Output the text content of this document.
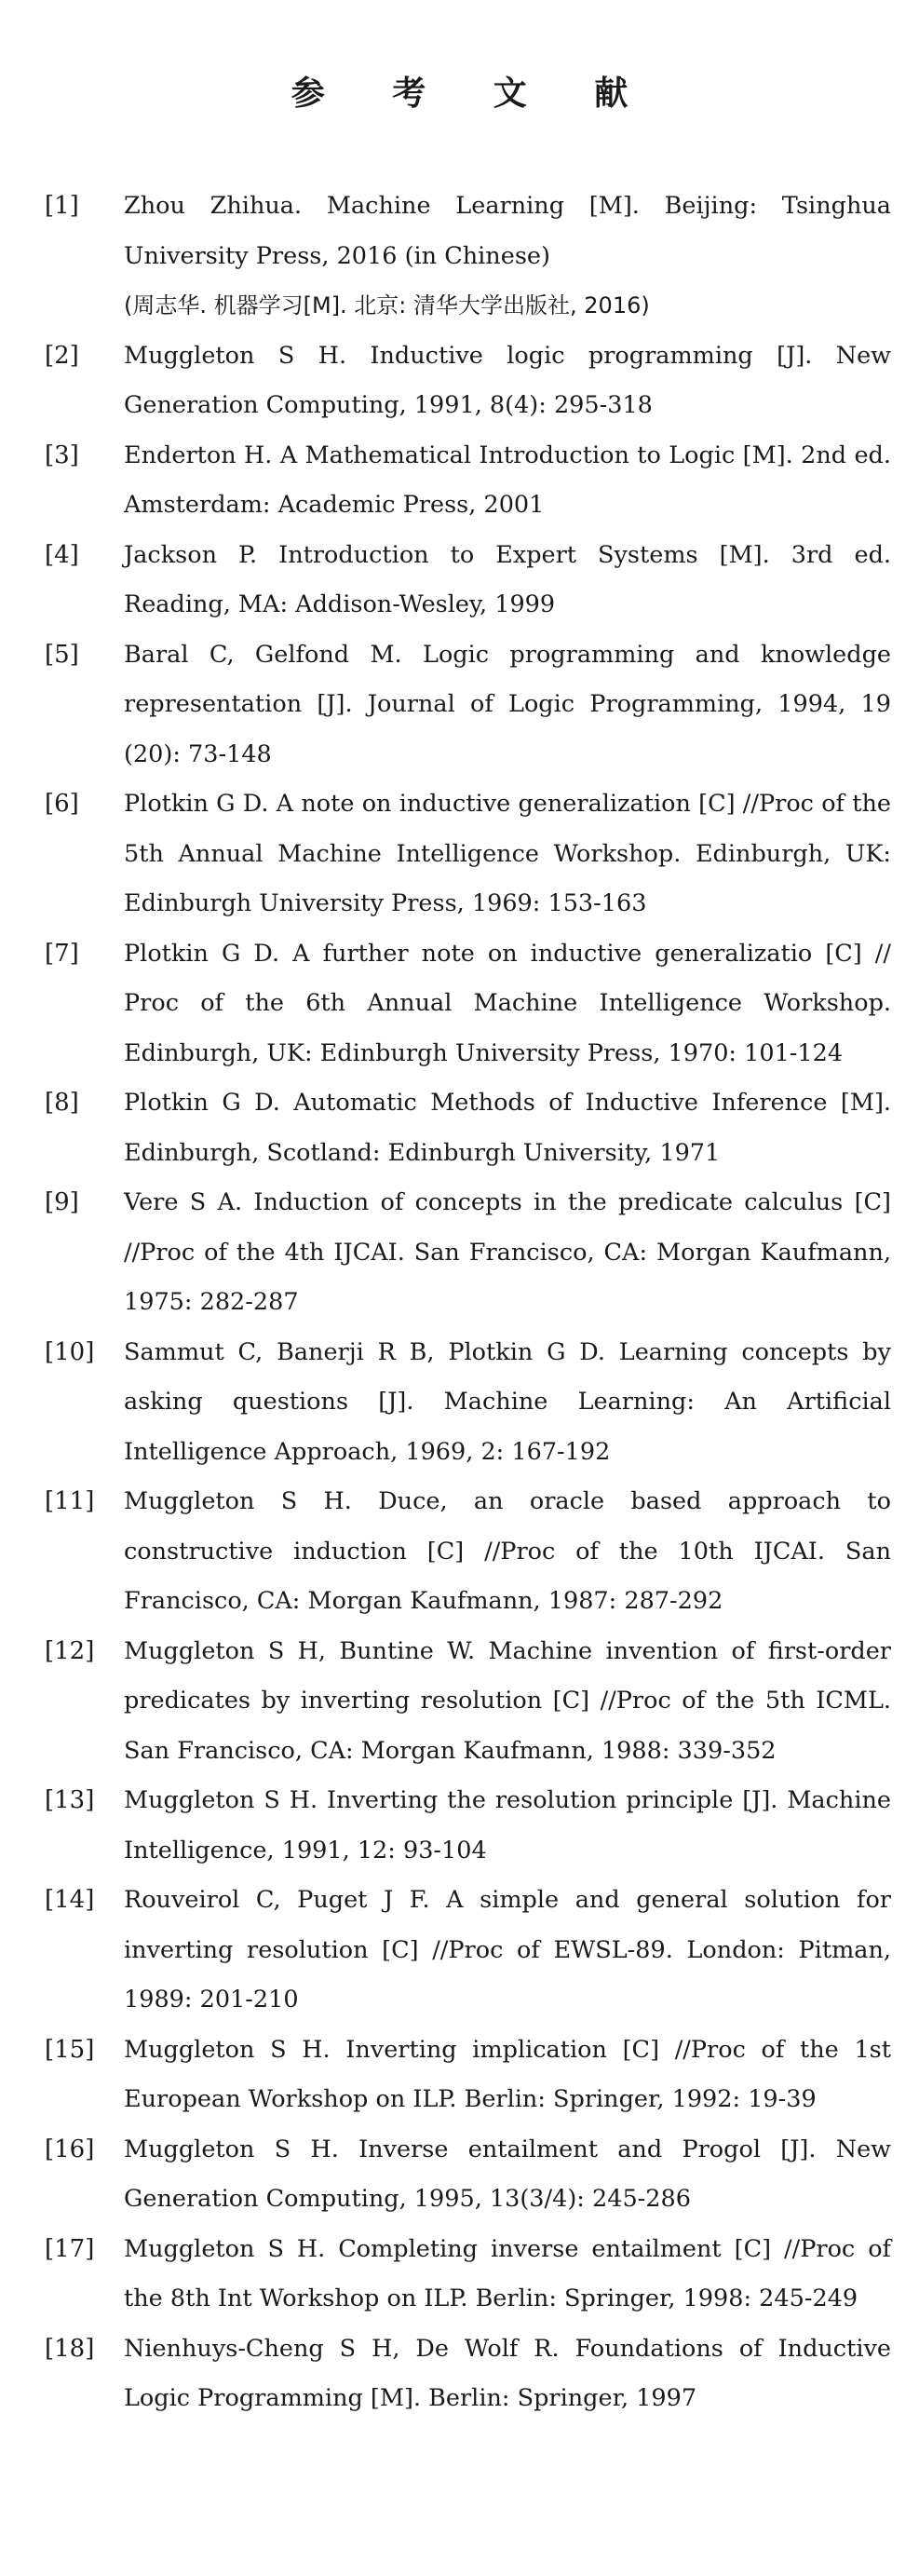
参 考 文 献
[1]	Zhou Zhihua. Machine Learning [M]. Beijing: Tsinghua University Press, 2016 (in Chinese)
(周志华. 机器学习[M]. 北京: 清华大学出版社, 2016)
[2]	Muggleton S H. Inductive logic programming [J]. New Generation Computing, 1991, 8(4): 295-318
[3]	Enderton H. A Mathematical Introduction to Logic [M]. 2nd ed. Amsterdam: Academic Press, 2001
[4]	Jackson P. Introduction to Expert Systems [M]. 3rd ed. Reading, MA: Addison-Wesley, 1999
[5]	Baral C, Gelfond M. Logic programming and knowledge representation [J]. Journal of Logic Programming, 1994, 19 (20): 73-148
[6]	Plotkin G D. A note on inductive generalization [C] //Proc of the 5th Annual Machine Intelligence Workshop. Edinburgh, UK: Edinburgh University Press, 1969: 153-163
[7]	Plotkin G D. A further note on inductive generalizatio [C] // Proc of the 6th Annual Machine Intelligence Workshop. Edinburgh, UK: Edinburgh University Press, 1970: 101-124
[8]	Plotkin G D. Automatic Methods of Inductive Inference [M]. Edinburgh, Scotland: Edinburgh University, 1971
[9]	Vere S A. Induction of concepts in the predicate calculus [C] //Proc of the 4th IJCAI. San Francisco, CA: Morgan Kaufmann, 1975: 282-287
[10]	Sammut C, Banerji R B, Plotkin G D. Learning concepts by asking questions [J]. Machine Learning: An Artificial Intelligence Approach, 1969, 2: 167-192
[11]	Muggleton S H. Duce, an oracle based approach to constructive induction [C] //Proc of the 10th IJCAI. San Francisco, CA: Morgan Kaufmann, 1987: 287-292
[12]	Muggleton S H, Buntine W. Machine invention of first-order predicates by inverting resolution [C] //Proc of the 5th ICML. San Francisco, CA: Morgan Kaufmann, 1988: 339-352
[13]	Muggleton S H. Inverting the resolution principle [J]. Machine Intelligence, 1991, 12: 93-104
[14]	Rouveirol C, Puget J F. A simple and general solution for inverting resolution [C] //Proc of EWSL-89. London: Pitman, 1989: 201-210
[15]	Muggleton S H. Inverting implication [C] //Proc of the 1st European Workshop on ILP. Berlin: Springer, 1992: 19-39
[16]	Muggleton S H. Inverse entailment and Progol [J]. New Generation Computing, 1995, 13(3/4): 245-286
[17]	Muggleton S H. Completing inverse entailment [C] //Proc of the 8th Int Workshop on ILP. Berlin: Springer, 1998: 245-249
[18]	Nienhuys-Cheng S H, De Wolf R. Foundations of Inductive Logic Programming [M]. Berlin: Springer, 1997
